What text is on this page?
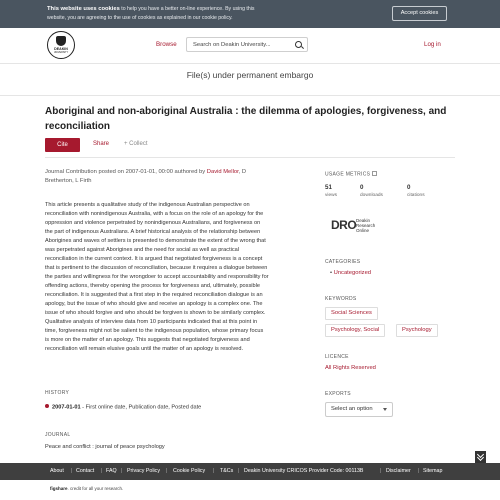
This website uses cookies to help you have a better on-line experience. By using this
website, you are agreeing to the use of cookies as explained in our cookie policy.
Accept cookies
DEAKIN
UNIVERSITY
Browse	Search on Deakin University...	Log in
File(s) under permanent embargo
Aboriginal and non-aboriginal Australia : the dilemma of apologies, forgiveness, and
reconciliation
Cite	Share + Collect
Journal Contribution posted on 2007-01-01, 00:00 authored by David Mellor, D
Bretherton, L Firth
This article presents a qualitative study of the indigenous Australian perspective on
reconciliation with nonindigenous Australia, with a focus on the role of an apology for the
oppression and violence perpetrated by nonindigenous Australians, and forgiveness on
the part of indigenous Australians. A brief historical analysis of the relationship between
Aborigines and waves of settlers is presented to demonstrate the extent of the wrong that
was perpetrated against Aborigines and the need for social as well as practical
reconciliation in the current context. It is argued that negotiated forgiveness is a concept
that is pertinent to the discussion of reconciliation, because it requires a dialogue between
the parties and willingness for the wrongdoer to accept accountability and responsibility for
offending actions, thereby opening the process for forgiveness and, ultimately, possible
reconciliation. It is suggested that a first step in the required reconciliation dialogue is an
apology, but the issue of who should give and receive an apology is a complex one. The
issue of who should forgive and who should be forgiven is shown to be similarly complex.
Qualitative analysis of interview data from 10 participants indicated that at this point in
time, forgiveness might not be salient to the indigenous population, whose primary focus
is more on the matter of an apology. This suggests that negotiated forgiveness and
reconciliation will remain elusive goals until the matter of an apology is resolved.
HISTORY
2007-01-01 - First online date, Publication date, Posted date
JOURNAL
Peace and conflict : journal of peace psychology
USAGE METRICS
51
views
0
downloads
0
citations
DRO Deakin
Research
Online
CATEGORIES
• Uncategorized
KEYWORDS
Social Sciences
Psychology, Social	Psychology
LICENCE
All Rights Reserved
EXPORTS
Select an option
About | Contact | FAQ | Privacy Policy | Cookie Policy | T&Cs | Deakin University CRICOS Provider Code: 00113B	| Disclaimer | Sitemap
figshare. credit for all your research.
